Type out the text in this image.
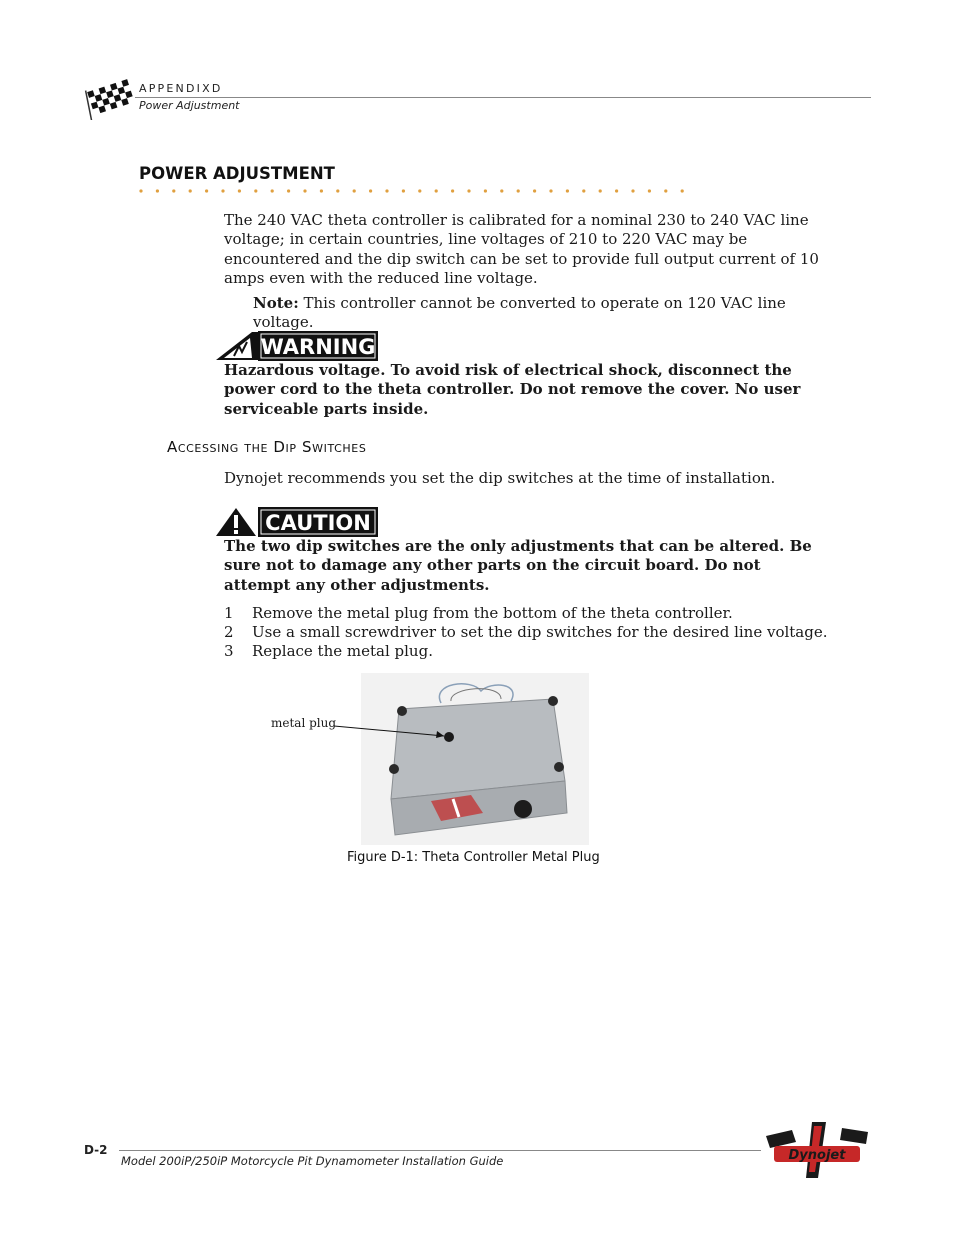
APPENDIXD
Power Adjustment
POWER ADJUSTMENT
The 240 VAC theta controller is calibrated for a nominal 230 to 240 VAC line voltage; in certain countries, line voltages of 210 to 220 VAC may be encountered and the dip switch can be set to provide full output current of 10 amps even with the reduced line voltage.
Note: This controller cannot be converted to operate on 120 VAC line voltage.
WARNING
Hazardous voltage. To avoid risk of electrical shock, disconnect the power cord to the theta controller. Do not remove the cover. No user serviceable parts inside.
Accessing the Dip Switches
Dynojet recommends you set the dip switches at the time of installation.
CAUTION
The two dip switches are the only adjustments that can be altered. Be sure not to damage any other parts on the circuit board. Do not attempt any other adjustments.
1	Remove the metal plug from the bottom of the theta controller.
2	Use a small screwdriver to set the dip switches for the desired line voltage.
3	Replace the metal plug.
metal plug
Figure D-1: Theta Controller Metal Plug
D-2
Model 200iP/250iP Motorcycle Pit Dynamometer Installation Guide	Dynojet
